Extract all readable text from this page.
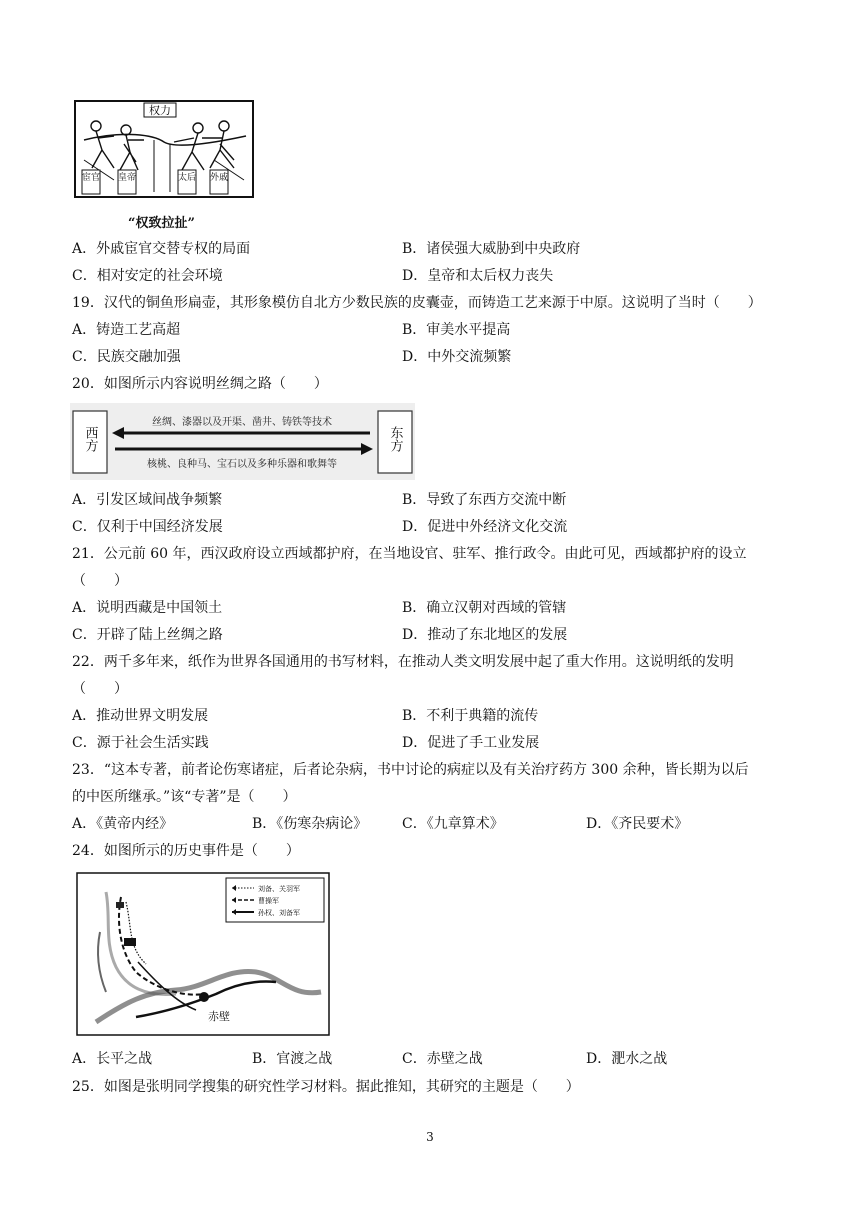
权力
宦官 皇帝	太后 外戚
“权致拉扯”
A．外戚宦官交替专权的局面	B．诸侯强大威胁到中央政府
C．相对安定的社会环境	D．皇帝和太后权力丧失
19．汉代的铜鱼形扁壶，其形象模仿自北方少数民族的皮囊壶，而铸造工艺来源于中原。这说明了当时（　　）
A．铸造工艺高超	B．审美水平提高
C．民族交融加强	D．中外交流频繁
20．如图所示内容说明丝绸之路（　　）
西方	东方
丝绸、漆器以及开渠、凿井、铸铁等技术
核桃、良种马、宝石以及多种乐器和歌舞等
A．引发区域间战争频繁	B．导致了东西方交流中断
C．仅利于中国经济发展	D．促进中外经济文化交流
21．公元前 60 年，西汉政府设立西域都护府，在当地设官、驻军、推行政令。由此可见，西域都护府的设立
（　　）
A．说明西藏是中国领土	B．确立汉朝对西域的管辖
C．开辟了陆上丝绸之路	D．推动了东北地区的发展
22．两千多年来，纸作为世界各国通用的书写材料，在推动人类文明发展中起了重大作用。这说明纸的发明
（　　）
A．推动世界文明发展	B．不利于典籍的流传
C．源于社会生活实践	D．促进了手工业发展
23．“这本专著，前者论伤寒诸症，后者论杂病，书中讨论的病症以及有关治疗药方 300 余种，皆长期为以后
的中医所继承。”该“专著”是（　　）
A．《黄帝内经》	B．《伤寒杂病论》 C．《九章算术》	D．《齐民要术》
24．如图所示的历史事件是（　　）
刘备、关羽军
曹操军
孙权、刘备军
赤壁
A．长平之战	B．官渡之战	C．赤壁之战	D．淝水之战
25．如图是张明同学搜集的研究性学习材料。据此推知，其研究的主题是（　　）
3
